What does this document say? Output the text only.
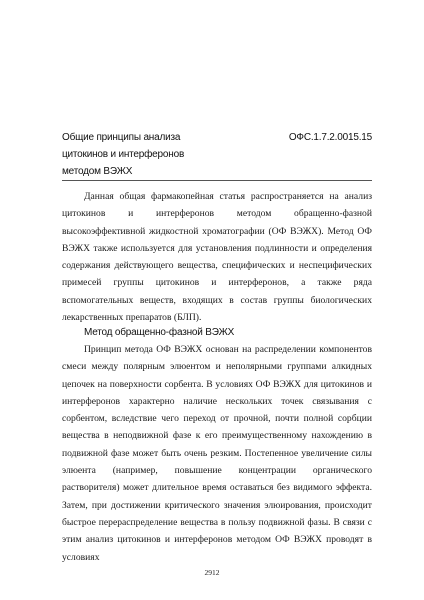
Общие принципы анализа	ОФС.1.7.2.0015.15
цитокинов и интерферонов
методом ВЭЖХ

Данная общая фармакопейная статья распространяется на анализ цитокинов и интерферонов методом обращенно-фазной высокоэффективной жидкостной хроматографии (ОФ ВЭЖХ). Метод ОФ ВЭЖХ также используется для установления подлинности и определения содержания действующего вещества, специфических и неспецифических примесей группы цитокинов и интерферонов, а также ряда вспомогательных веществ, входящих в состав группы биологических лекарственных препаратов (БЛП).

Метод обращенно-фазной ВЭЖХ

Принцип метода ОФ ВЭЖХ основан на распределении компонентов смеси между полярным элюентом и неполярными группами алкидных цепочек на поверхности сорбента. В условиях ОФ ВЭЖХ для цитокинов и интерферонов характерно наличие нескольких точек связывания с сорбентом, вследствие чего переход от прочной, почти полной сорбции вещества в неподвижной фазе к его преимущественному нахождению в подвижной фазе может быть очень резким. Постепенное увеличение силы элюента (например, повышение концентрации органического растворителя) может длительное время оставаться без видимого эффекта. Затем, при достижении критического значения элюирования, происходит быстрое перераспределение вещества в пользу подвижной фазы. В связи с этим анализ цитокинов и интерферонов методом ОФ ВЭЖХ проводят в условиях

2912
